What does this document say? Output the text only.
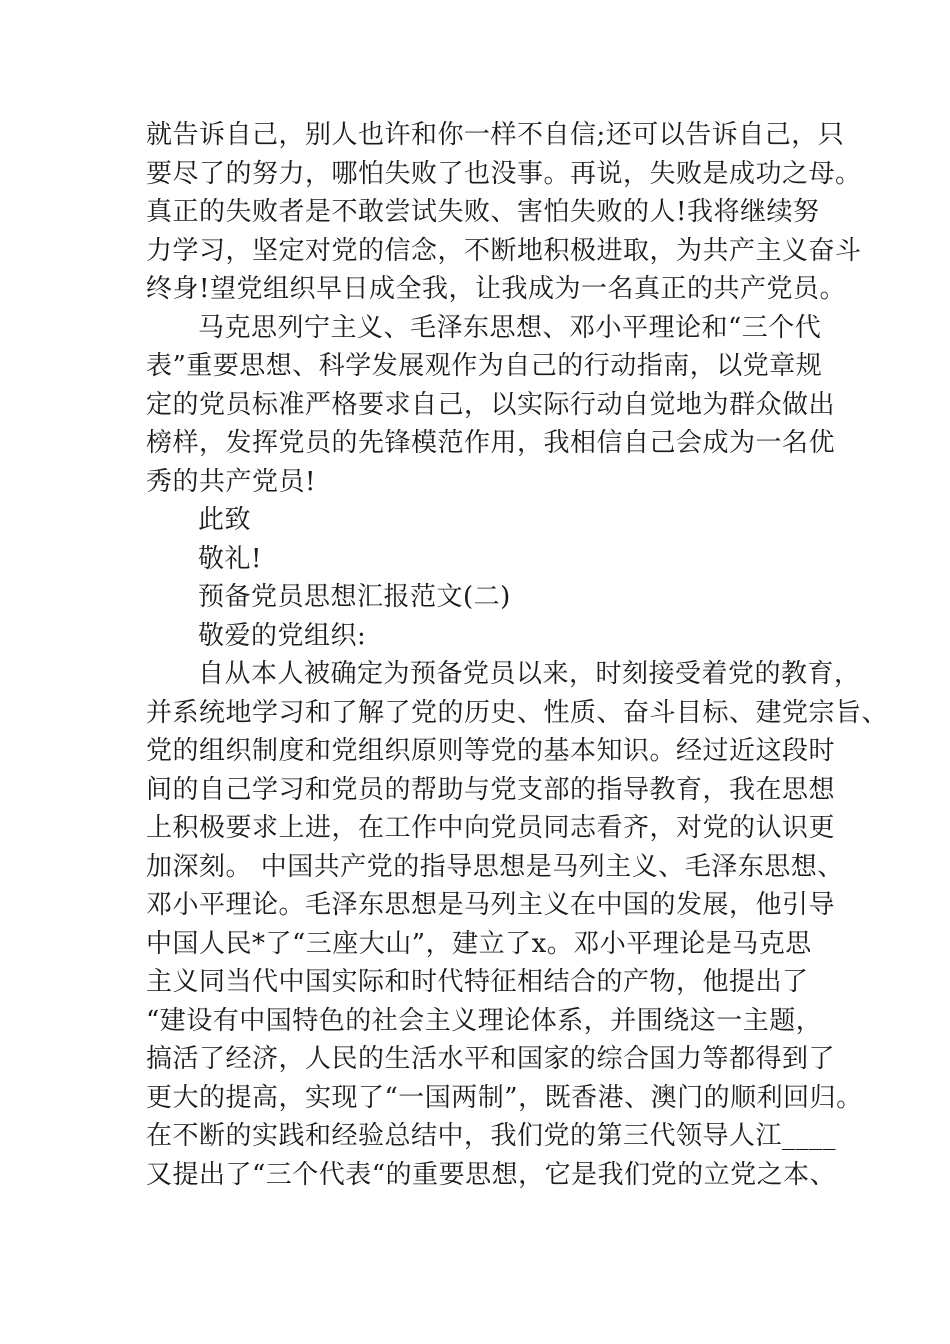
就告诉自己，别人也许和你一样不自信;还可以告诉自己，只
要尽了的努力，哪怕失败了也没事。再说，失败是成功之母。
真正的失败者是不敢尝试失败、害怕失败的人!我将继续努
力学习，坚定对党的信念，不断地积极进取，为共产主义奋斗
终身!望党组织早日成全我，让我成为一名真正的共产党员。
马克思列宁主义、毛泽东思想、邓小平理论和“三个代
表”重要思想、科学发展观作为自己的行动指南，以党章规
定的党员标准严格要求自己，以实际行动自觉地为群众做出
榜样，发挥党员的先锋模范作用，我相信自己会成为一名优
秀的共产党员!
此致
敬礼!
预备党员思想汇报范文(二)
敬爱的党组织:
自从本人被确定为预备党员以来，时刻接受着党的教育，
并系统地学习和了解了党的历史、性质、奋斗目标、建党宗旨、
党的组织制度和党组织原则等党的基本知识。经过近这段时
间的自己学习和党员的帮助与党支部的指导教育，我在思想
上积极要求上进，在工作中向党员同志看齐，对党的认识更
加深刻。 中国共产党的指导思想是马列主义、毛泽东思想、
邓小平理论。毛泽东思想是马列主义在中国的发展，他引导
中国人民*了“三座大山”，建立了x。邓小平理论是马克思
主义同当代中国实际和时代特征相结合的产物，他提出了
“建设有中国特色的社会主义理论体系，并围绕这一主题，
搞活了经济，人民的生活水平和国家的综合国力等都得到了
更大的提高，实现了“一国两制”，既香港、澳门的顺利回归。
在不断的实践和经验总结中，我们党的第三代领导人江____
又提出了“三个代表“的重要思想，它是我们党的立党之本、
